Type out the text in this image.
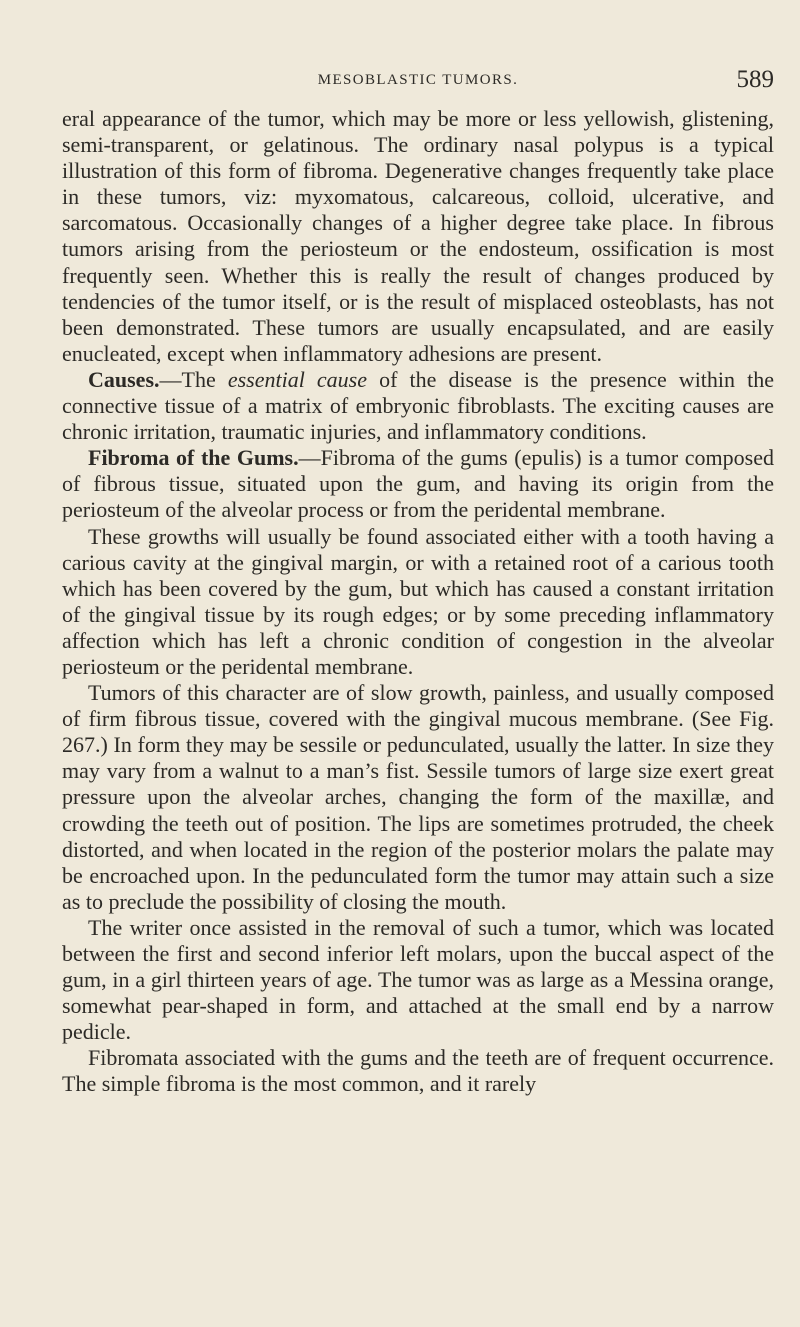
MESOBLASTIC TUMORS.	589

eral appearance of the tumor, which may be more or less yellowish, glistening, semi-transparent, or gelatinous. The ordinary nasal polypus is a typical illustration of this form of fibroma. Degenerative changes frequently take place in these tumors, viz: myxomatous, calcareous, colloid, ulcerative, and sarcomatous. Occasionally changes of a higher degree take place. In fibrous tumors arising from the periosteum or the endosteum, ossification is most frequently seen. Whether this is really the result of changes produced by tendencies of the tumor itself, or is the result of misplaced osteoblasts, has not been demonstrated. These tumors are usually encapsulated, and are easily enucleated, except when inflammatory adhesions are present.

Causes.—The essential cause of the disease is the presence within the connective tissue of a matrix of embryonic fibroblasts. The exciting causes are chronic irritation, traumatic injuries, and inflammatory conditions.

Fibroma of the Gums.—Fibroma of the gums (epulis) is a tumor composed of fibrous tissue, situated upon the gum, and having its origin from the periosteum of the alveolar process or from the peridental membrane.

These growths will usually be found associated either with a tooth having a carious cavity at the gingival margin, or with a retained root of a carious tooth which has been covered by the gum, but which has caused a constant irritation of the gingival tissue by its rough edges; or by some preceding inflammatory affection which has left a chronic condition of congestion in the alveolar periosteum or the peridental membrane.

Tumors of this character are of slow growth, painless, and usually composed of firm fibrous tissue, covered with the gingival mucous membrane. (See Fig. 267.) In form they may be sessile or pedunculated, usually the latter. In size they may vary from a walnut to a man’s fist. Sessile tumors of large size exert great pressure upon the alveolar arches, changing the form of the maxillæ, and crowding the teeth out of position. The lips are sometimes protruded, the cheek distorted, and when located in the region of the posterior molars the palate may be encroached upon. In the pedunculated form the tumor may attain such a size as to preclude the possibility of closing the mouth.

The writer once assisted in the removal of such a tumor, which was located between the first and second inferior left molars, upon the buccal aspect of the gum, in a girl thirteen years of age. The tumor was as large as a Messina orange, somewhat pear-shaped in form, and attached at the small end by a narrow pedicle.

Fibromata associated with the gums and the teeth are of frequent occurrence. The simple fibroma is the most common, and it rarely
